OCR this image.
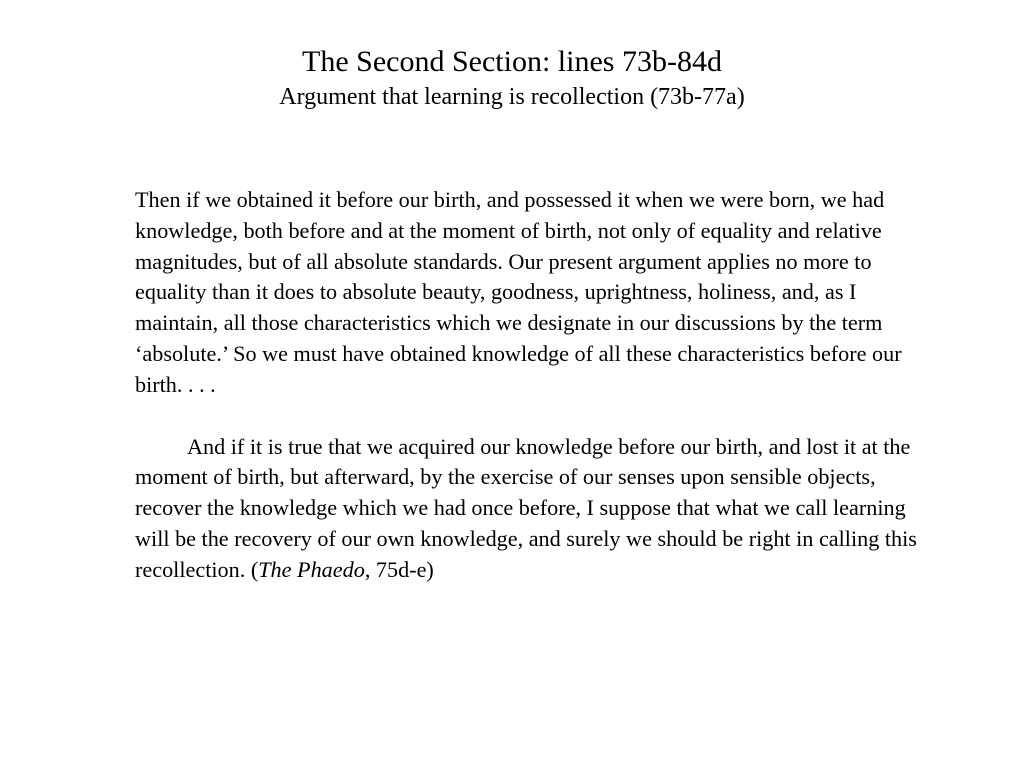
The Second Section: lines 73b-84d
Argument that learning is recollection (73b-77a)

Then if we obtained it before our birth, and possessed it when we were born, we had knowledge, both before and at the moment of birth, not only of equality and relative magnitudes, but of all absolute standards. Our present argument applies no more to equality than it does to absolute beauty, goodness, uprightness, holiness, and, as I maintain, all those characteristics which we designate in our discussions by the term ‘absolute.’ So we must have obtained knowledge of all these characteristics before our birth. . . .

And if it is true that we acquired our knowledge before our birth, and lost it at the moment of birth, but afterward, by the exercise of our senses upon sensible objects, recover the knowledge which we had once before, I suppose that what we call learning will be the recovery of our own knowledge, and surely we should be right in calling this recollection. (The Phaedo, 75d-e)
